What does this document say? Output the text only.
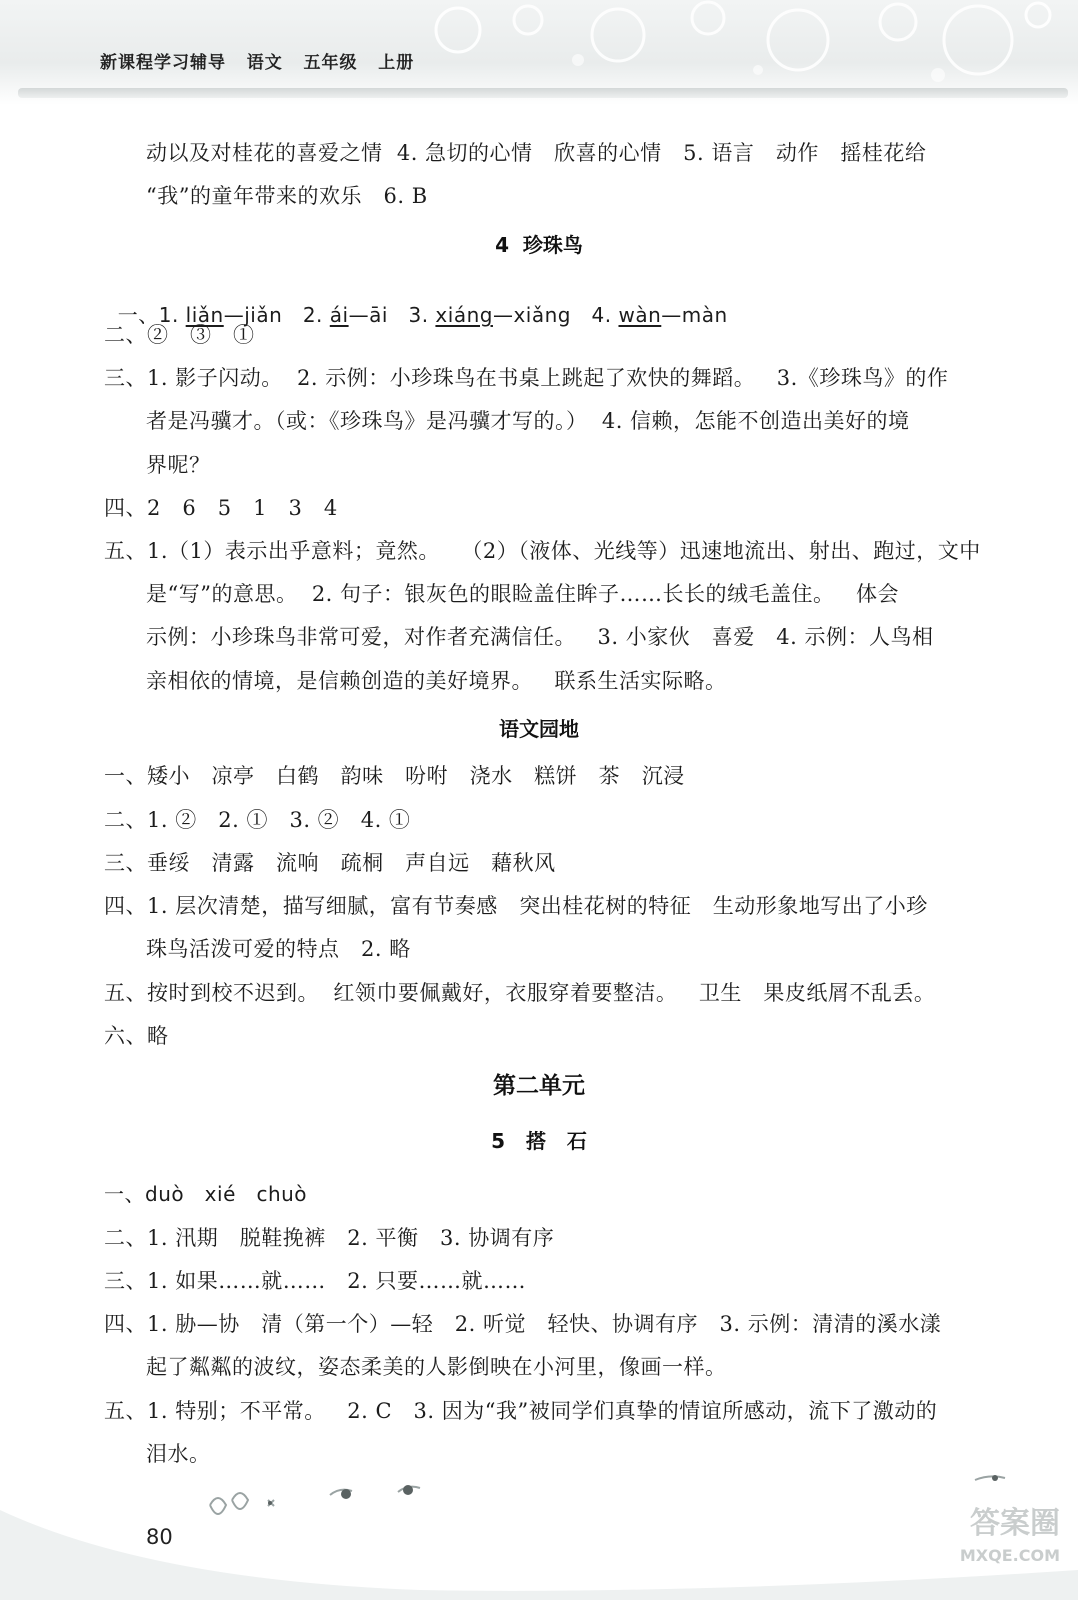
新课程学习辅导   语文   五年级   上册
动以及对桂花的喜爱之情  4. 急切的心情   欣喜的心情   5. 语言   动作   摇桂花给
“我”的童年带来的欢乐   6. B
4  珍珠鸟

一、1. liǎn—jiǎn   2. ái—āi   3. xiáng—xiǎng   4. wàn—màn

二、②   ③   ①
三、1. 影子闪动。  2. 示例：小珍珠鸟在书桌上跳起了欢快的舞蹈。   3.《珍珠鸟》的作
者是冯骥才。（或：《珍珠鸟》是冯骥才写的。）  4. 信赖，怎能不创造出美好的境
界呢？
四、2   6   5   1   3   4
五、1.（1）表示出乎意料；竟然。   （2）（液体、光线等）迅速地流出、射出、跑过，文中
是“写”的意思。  2. 句子：银灰色的眼睑盖住眸子……长长的绒毛盖住。   体会
示例：小珍珠鸟非常可爱，对作者充满信任。   3. 小家伙   喜爱   4. 示例：人鸟相
亲相依的情境，是信赖创造的美好境界。   联系生活实际略。
语文园地
一、矮小   凉亭   白鹤   韵味   吩咐   浇水   糕饼   茶   沉浸
二、1. ②   2. ①   3. ②   4. ①
三、垂绥   清露   流响   疏桐   声自远   藉秋风
四、1. 层次清楚，描写细腻，富有节奏感   突出桂花树的特征   生动形象地写出了小珍
珠鸟活泼可爱的特点   2. 略
五、按时到校不迟到。  红领巾要佩戴好，衣服穿着要整洁。   卫生   果皮纸屑不乱丢。
六、略
第二单元
5   搭   石
一、duò   xié   chuò
二、1. 汛期   脱鞋挽裤   2. 平衡   3. 协调有序
三、1. 如果……就……   2. 只要……就……
四、1. 胁—协   清（第一个）—轻   2. 听觉   轻快、协调有序   3. 示例：清清的溪水漾
起了粼粼的波纹，姿态柔美的人影倒映在小河里，像画一样。
五、1. 特别；不平常。   2. C   3. 因为“我”被同学们真挚的情谊所感动，流下了激动的
泪水。
80	答案圈
MXQE.COM
